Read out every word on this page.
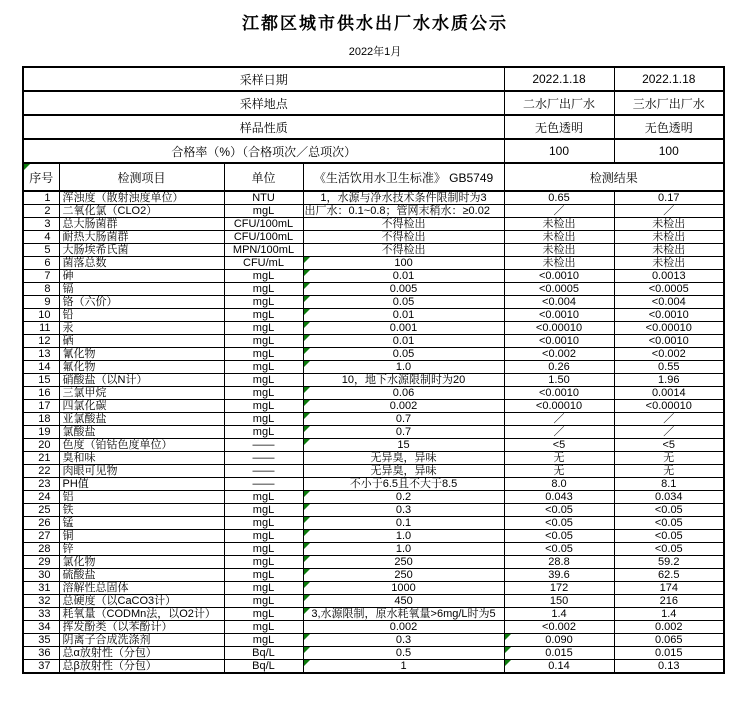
江都区城市供水出厂水水质公示
2022年1月
采样日期				2022.1.18	2022.1.18
采样地点				二水厂出厂水	三水厂出厂水
样品性质				无色透明	无色透明
合格率（%）（合格项次／总项次）				100	100
序号	检测项目	单位	《生活饮用水卫生标准》 GB5749	检测结果	
1	浑浊度（散射浊度单位）	NTU	1，水源与净水技术条件限制时为3	0.65	0.17
2	二氧化氯（CLO2）	mgL	出厂水：0.1~0.8；管网末稍水：≥0.02	／	／
3	总大肠菌群	CFU/100mL	不得检出	未检出	未检出
4	耐热大肠菌群	CFU/100mL	不得检出	未检出	未检出
5	大肠埃希氏菌	MPN/100mL	不得检出	未检出	未检出
6	菌落总数	CFU/mL	100	未检出	未检出
7	砷	mgL	0.01	<0.0010	0.0013
8	镉	mgL	0.005	<0.0005	<0.0005
9	铬（六价）	mgL	0.05	<0.004	<0.004
10	铅	mgL	0.01	<0.0010	<0.0010
11	汞	mgL	0.001	<0.00010	<0.00010
12	硒	mgL	0.01	<0.0010	<0.0010
13	氰化物	mgL	0.05	<0.002	<0.002
14	氟化物	mgL	1.0	0.26	0.55
15	硝酸盐（以N计）	mgL	10，地下水源限制时为20	1.50	1.96
16	三氯甲烷	mgL	0.06	<0.0010	0.0014
17	四氯化碳	mgL	0.002	<0.00010	<0.00010
18	亚氯酸盐	mgL	0.7	／	／
19	氯酸盐	mgL	0.7	／	／
20	色度（铂钴色度单位）	——	15	<5	<5
21	臭和味	——	无异臭，异味	无	无
22	肉眼可见物	——	无异臭，异味	无	无
23	PH值	——	不小于6.5且不大于8.5	8.0	8.1
24	铝	mgL	0.2	0.043	0.034
25	铁	mgL	0.3	<0.05	<0.05
26	锰	mgL	0.1	<0.05	<0.05
27	铜	mgL	1.0	<0.05	<0.05
28	锌	mgL	1.0	<0.05	<0.05
29	氯化物	mgL	250	28.8	59.2
30	硫酸盐	mgL	250	39.6	62.5
31	溶解性总固体	mgL	1000	172	174
32	总硬度（以CaCO3计）	mgL	450	150	216
33	耗氧量（CODMn法，以O2计）	mgL	3,水源限制，原水耗氧量>6mg/L时为5	1.4	1.4
34	挥发酚类（以苯酚计）	mgL	0.002	<0.002	0.002
35	阴离子合成洗涤剂	mgL	0.3	0.090	0.065
36	总α放射性（分包）	Bq/L	0.5	0.015	0.015
37	总β放射性（分包）	Bq/L	1	0.14	0.13
